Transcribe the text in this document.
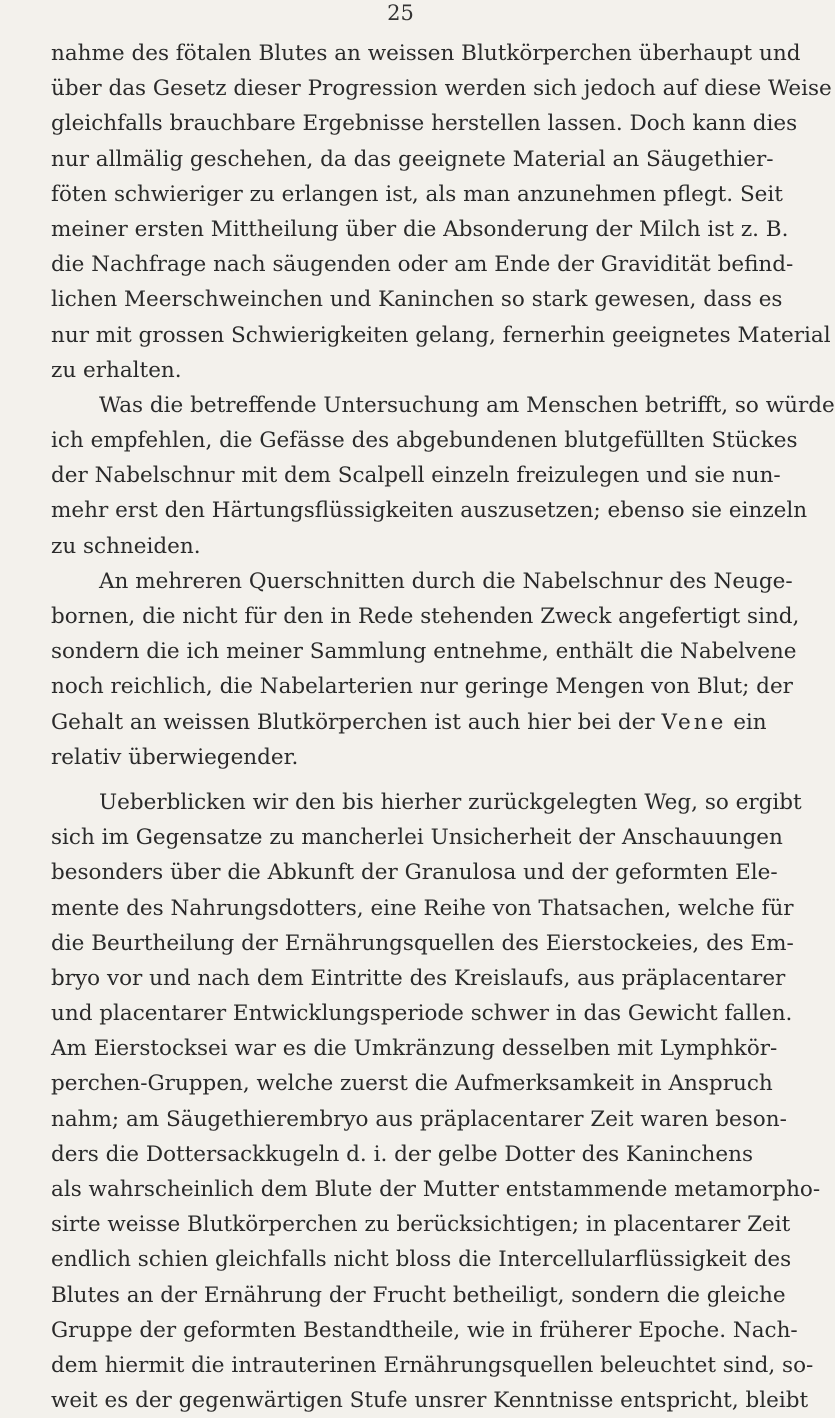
25
nahme des fötalen Blutes an weissen Blutkörperchen überhaupt und
über das Gesetz dieser Progression werden sich jedoch auf diese Weise
gleichfalls brauchbare Ergebnisse herstellen lassen. Doch kann dies
nur allmälig geschehen, da das geeignete Material an Säugethier-
föten schwieriger zu erlangen ist, als man anzunehmen pflegt. Seit
meiner ersten Mittheilung über die Absonderung der Milch ist z. B.
die Nachfrage nach säugenden oder am Ende der Gravidität befind-
lichen Meerschweinchen und Kaninchen so stark gewesen, dass es
nur mit grossen Schwierigkeiten gelang, fernerhin geeignetes Material
zu erhalten.
Was die betreffende Untersuchung am Menschen betrifft, so würde
ich empfehlen, die Gefässe des abgebundenen blutgefüllten Stückes
der Nabelschnur mit dem Scalpell einzeln freizulegen und sie nun-
mehr erst den Härtungsflüssigkeiten auszusetzen; ebenso sie einzeln
zu schneiden.
An mehreren Querschnitten durch die Nabelschnur des Neuge-
bornen, die nicht für den in Rede stehenden Zweck angefertigt sind,
sondern die ich meiner Sammlung entnehme, enthält die Nabelvene
noch reichlich, die Nabelarterien nur geringe Mengen von Blut; der
Gehalt an weissen Blutkörperchen ist auch hier bei der Vene ein
relativ überwiegender.
Ueberblicken wir den bis hierher zurückgelegten Weg, so ergibt
sich im Gegensatze zu mancherlei Unsicherheit der Anschauungen
besonders über die Abkunft der Granulosa und der geformten Ele-
mente des Nahrungsdotters, eine Reihe von Thatsachen, welche für
die Beurtheilung der Ernährungsquellen des Eierstockeies, des Em-
bryo vor und nach dem Eintritte des Kreislaufs, aus präplacentarer
und placentarer Entwicklungsperiode schwer in das Gewicht fallen.
Am Eierstocksei war es die Umkränzung desselben mit Lymphkör-
perchen-Gruppen, welche zuerst die Aufmerksamkeit in Anspruch
nahm; am Säugethierembryo aus präplacentarer Zeit waren beson-
ders die Dottersackkugeln d. i. der gelbe Dotter des Kaninchens
als wahrscheinlich dem Blute der Mutter entstammende metamorpho-
sirte weisse Blutkörperchen zu berücksichtigen; in placentarer Zeit
endlich schien gleichfalls nicht bloss die Intercellularflüssigkeit des
Blutes an der Ernährung der Frucht betheiligt, sondern die gleiche
Gruppe der geformten Bestandtheile, wie in früherer Epoche. Nach-
dem hiermit die intrauterinen Ernährungsquellen beleuchtet sind, so-
weit es der gegenwärtigen Stufe unsrer Kenntnisse entspricht, bleibt
